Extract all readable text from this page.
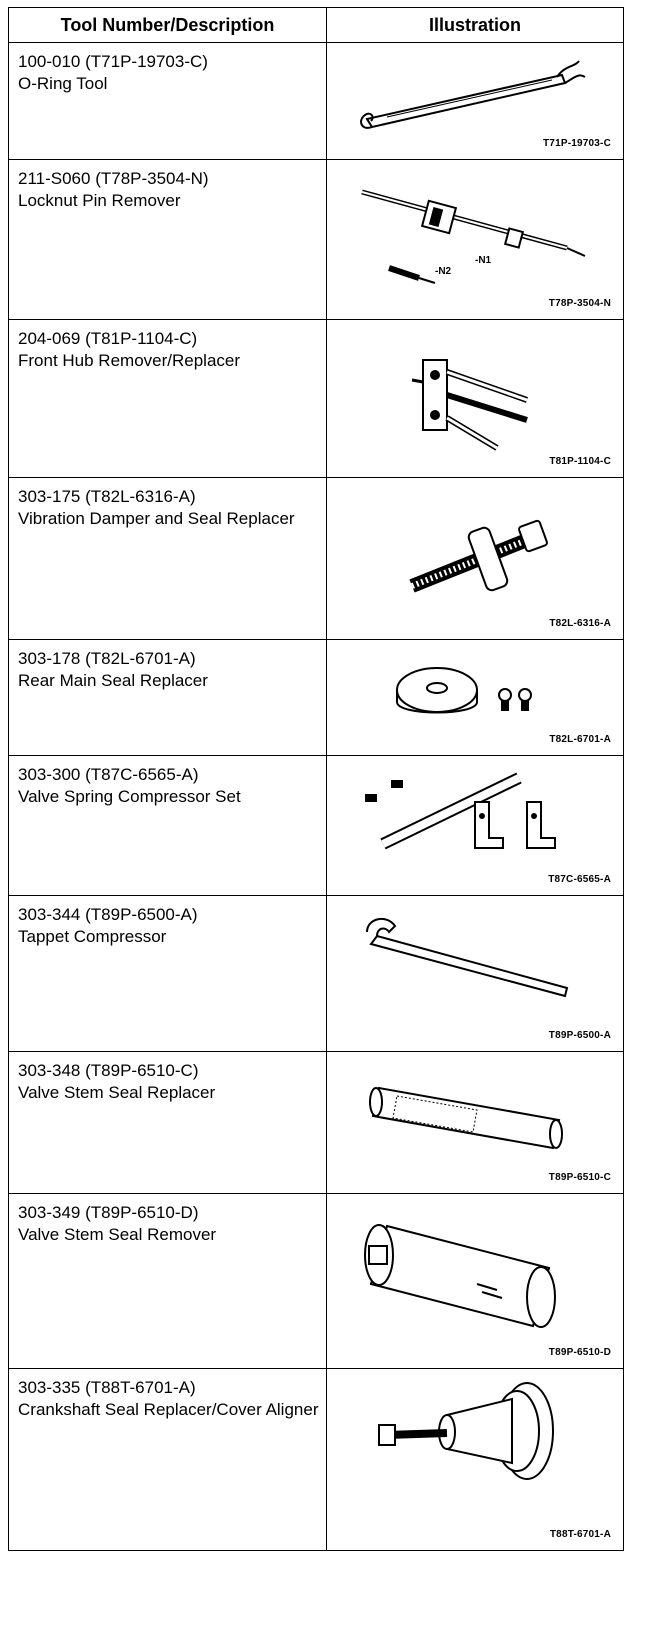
Tool Number/Description	Illustration

100-010 (T71P-19703-C)
O-Ring Tool	T71P-19703-C

211-S060 (T78P-3504-N)
Locknut Pin Remover	-N1
-N2
T78P-3504-N

204-069 (T81P-1104-C)
Front Hub Remover/Replacer	T81P-1104-C

303-175 (T82L-6316-A)
Vibration Damper and Seal Replacer	T82L-6316-A

303-178 (T82L-6701-A)
Rear Main Seal Replacer	T82L-6701-A

303-300 (T87C-6565-A)
Valve Spring Compressor Set	T87C-6565-A

303-344 (T89P-6500-A)
Tappet Compressor	T89P-6500-A

303-348 (T89P-6510-C)
Valve Stem Seal Replacer	T89P-6510-C

303-349 (T89P-6510-D)
Valve Stem Seal Remover	T89P-6510-D

303-335 (T88T-6701-A)
Crankshaft Seal Replacer/Cover Aligner	T88T-6701-A
